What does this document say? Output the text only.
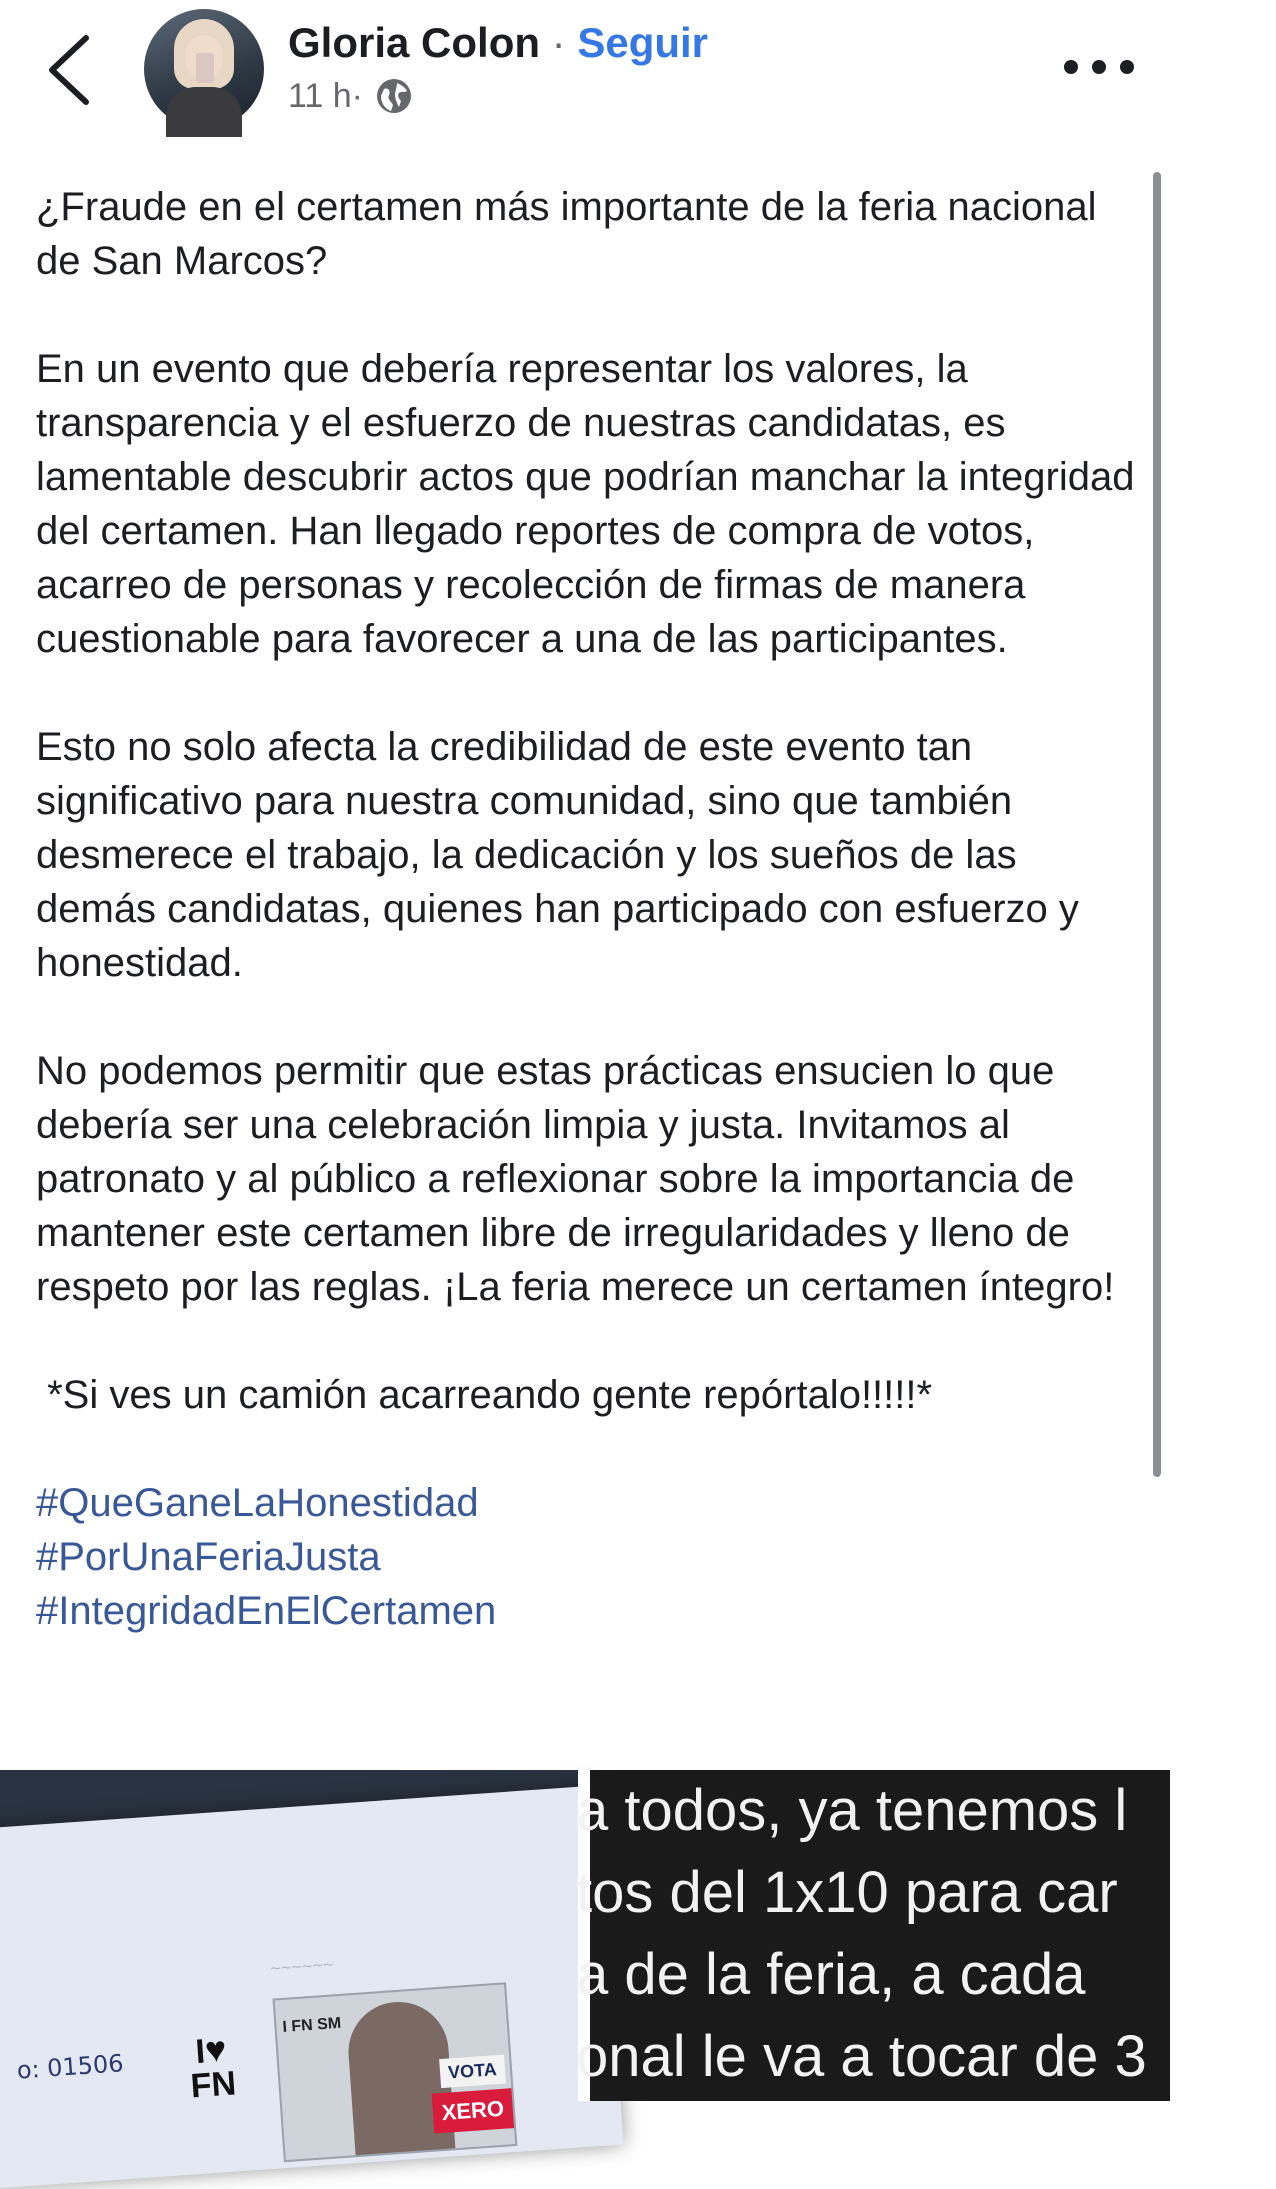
Gloria Colon · Seguir
11 h ·

¿Fraude en el certamen más importante de la feria nacional de San Marcos?

En un evento que debería representar los valores, la transparencia y el esfuerzo de nuestras candidatas, es lamentable descubrir actos que podrían manchar la integridad del certamen. Han llegado reportes de compra de votos, acarreo de personas y recolección de firmas de manera cuestionable para favorecer a una de las participantes.

Esto no solo afecta la credibilidad de este evento tan significativo para nuestra comunidad, sino que también desmerece el trabajo, la dedicación y los sueños de las demás candidatas, quienes han participado con esfuerzo y honestidad.

No podemos permitir que estas prácticas ensucien lo que debería ser una celebración limpia y justa. Invitamos al patronato y al público a reflexionar sobre la importancia de mantener este certamen libre de irregularidades y lleno de respeto por las reglas. ¡La feria merece un certamen íntegro!

*Si ves un camión acarreando gente repórtalo!!!!!*

#QueGaneLaHonestidad
#PorUnaFeriaJusta
#IntegridadEnElCertamen
~~~~~~
o: 01506	I♥
FN
I FN SM
VOTA
XERO
a todos, ya tenemos l
tos del 1x10 para car
a de la feria, a cada
onal le va a tocar de 3
